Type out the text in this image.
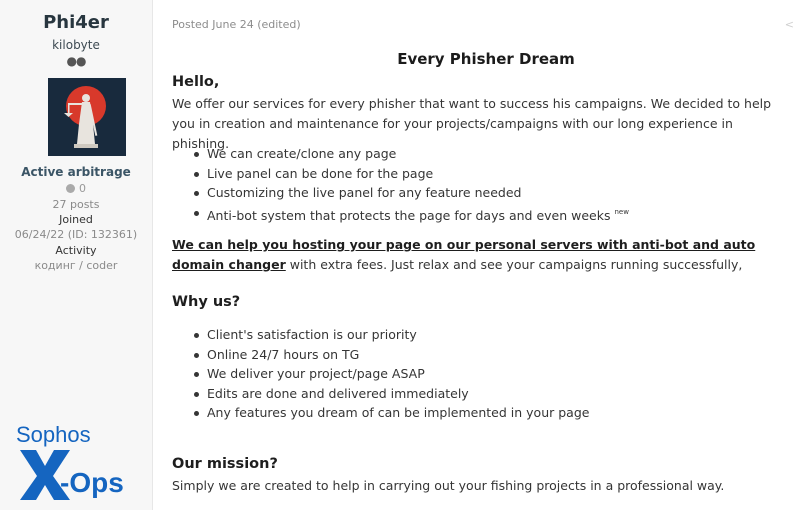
Phi4er
kilobyte
●●
Active arbitrage
0
27 posts
Joined
06/24/22 (ID: 132361)
Activity
кодинг / coder
Sophos
-Ops
Posted June 24 (edited)	<
Every Phisher Dream
Hello,
We offer our services for every phisher that want to success his campaigns. We decided to help you in creation and maintenance for your projects/campaigns with our long experience in phishing.
We can create/clone any page
Live panel can be done for the page
Customizing the live panel for any feature needed
Anti-bot system that protects the page for days and even weeks $^{new}$
We can help you hosting your page on our personal servers with anti-bot and auto domain changer with extra fees. Just relax and see your campaigns running successfully,
Why us?
Client's satisfaction is our priority
Online 24/7 hours on TG
We deliver your project/page ASAP
Edits are done and delivered immediately
Any features you dream of can be implemented in your page
Our mission?
Simply we are created to help in carrying out your fishing projects in a professional way.
